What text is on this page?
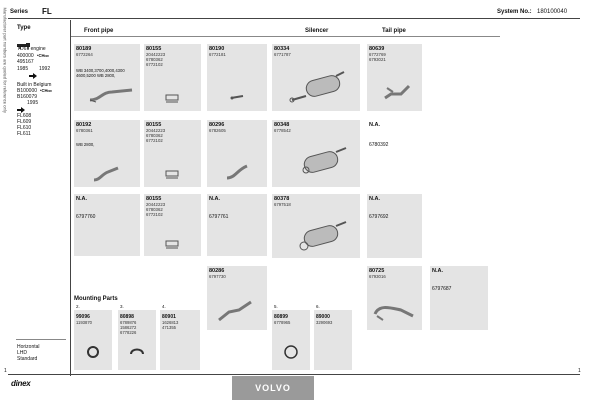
Series FL	System No.: 180100040
Manufacturer part numbers are quoted for reference only	Front pipe	Silencer	Tail pipe
Type
TD61 engine
400000 •CHNR
495167
1985 1992
Built in Belgium
B100000 •CHNR
B160079
1995
FL608
FL609
FL610
FL611
Horizontal
LHD
Standard
80189
6772264
WB 3400,3700,4000,4300 4600,5200 WB 2800,
80155
20442223
6780362
6772102
80190
6772181
80334
6771787
80639
6772769
6793021
80192
6780361
WB 2800,
80155
20442223
6780362
6772102
80296
6782605
80348
6778542
N.A.
6780392
N.A.
6797760
80155
20442223
6780362
6772102
N.A.
6797761
80378
6797518
N.A.
6797692
80286
6797730
80725
6793016
N.A.
6797687
Mounting Parts
2.
99096
1193870
3.
80898
6789876
1586272
6778226
4.
80901
1626813
471355
5.
80899
6778965
6.
89000
3290693
1	1
dinex	VOLVO
